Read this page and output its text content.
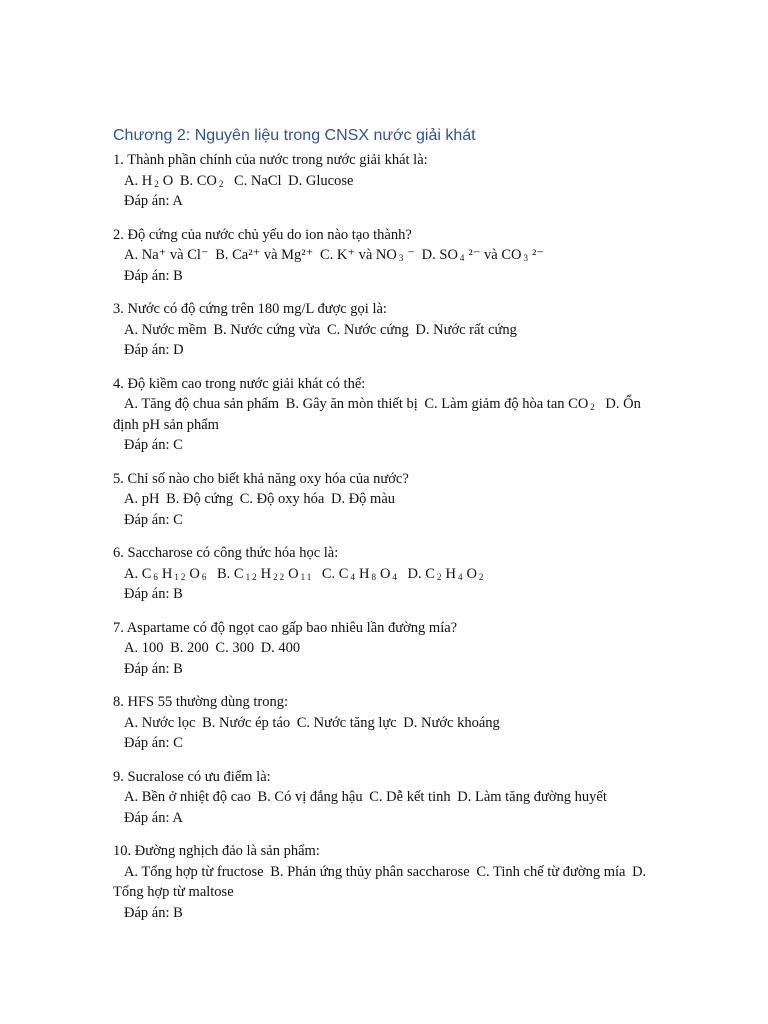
Chương 2: Nguyên liệu trong CNSX nước giải khát
1. Thành phần chính của nước trong nước giải khát là:
A. H $_2$ O B. CO $_2$ C. NaCl D. Glucose
Đáp án: A
2. Độ cứng của nước chủ yếu do ion nào tạo thành?
A. Na⁺ và Cl⁻ B. Ca²⁺ và Mg²⁺ C. K⁺ và NO $_3$ ⁻ D. SO $_4$ ²⁻ và CO $_3$ ²⁻
Đáp án: B
3. Nước có độ cứng trên 180 mg/L được gọi là:
A. Nước mềm B. Nước cứng vừa C. Nước cứng D. Nước rất cứng
Đáp án: D
4. Độ kiềm cao trong nước giải khát có thể:
A. Tăng độ chua sản phẩm B. Gây ăn mòn thiết bị C. Làm giảm độ hòa tan CO $_2$ D. Ổn định pH sản phẩm
Đáp án: C
5. Chỉ số nào cho biết khả năng oxy hóa của nước?
A. pH B. Độ cứng C. Độ oxy hóa D. Độ màu
Đáp án: C
6. Saccharose có công thức hóa học là:
A. C $_6$ H $_{12}$ O $_6$ B. C $_{12}$ H $_{22}$ O $_{11}$ C. C $_4$ H $_8$ O $_4$ D. C $_2$ H $_4$ O $_2$
Đáp án: B
7. Aspartame có độ ngọt cao gấp bao nhiêu lần đường mía?
A. 100 B. 200 C. 300 D. 400
Đáp án: B
8. HFS 55 thường dùng trong:
A. Nước lọc B. Nước ép táo C. Nước tăng lực D. Nước khoáng
Đáp án: C
9. Sucralose có ưu điểm là:
A. Bền ở nhiệt độ cao B. Có vị đắng hậu C. Dễ kết tinh D. Làm tăng đường huyết
Đáp án: A
10. Đường nghịch đảo là sản phẩm:
A. Tổng hợp từ fructose B. Phản ứng thủy phân saccharose C. Tinh chế từ đường mía D. Tổng hợp từ maltose
Đáp án: B
